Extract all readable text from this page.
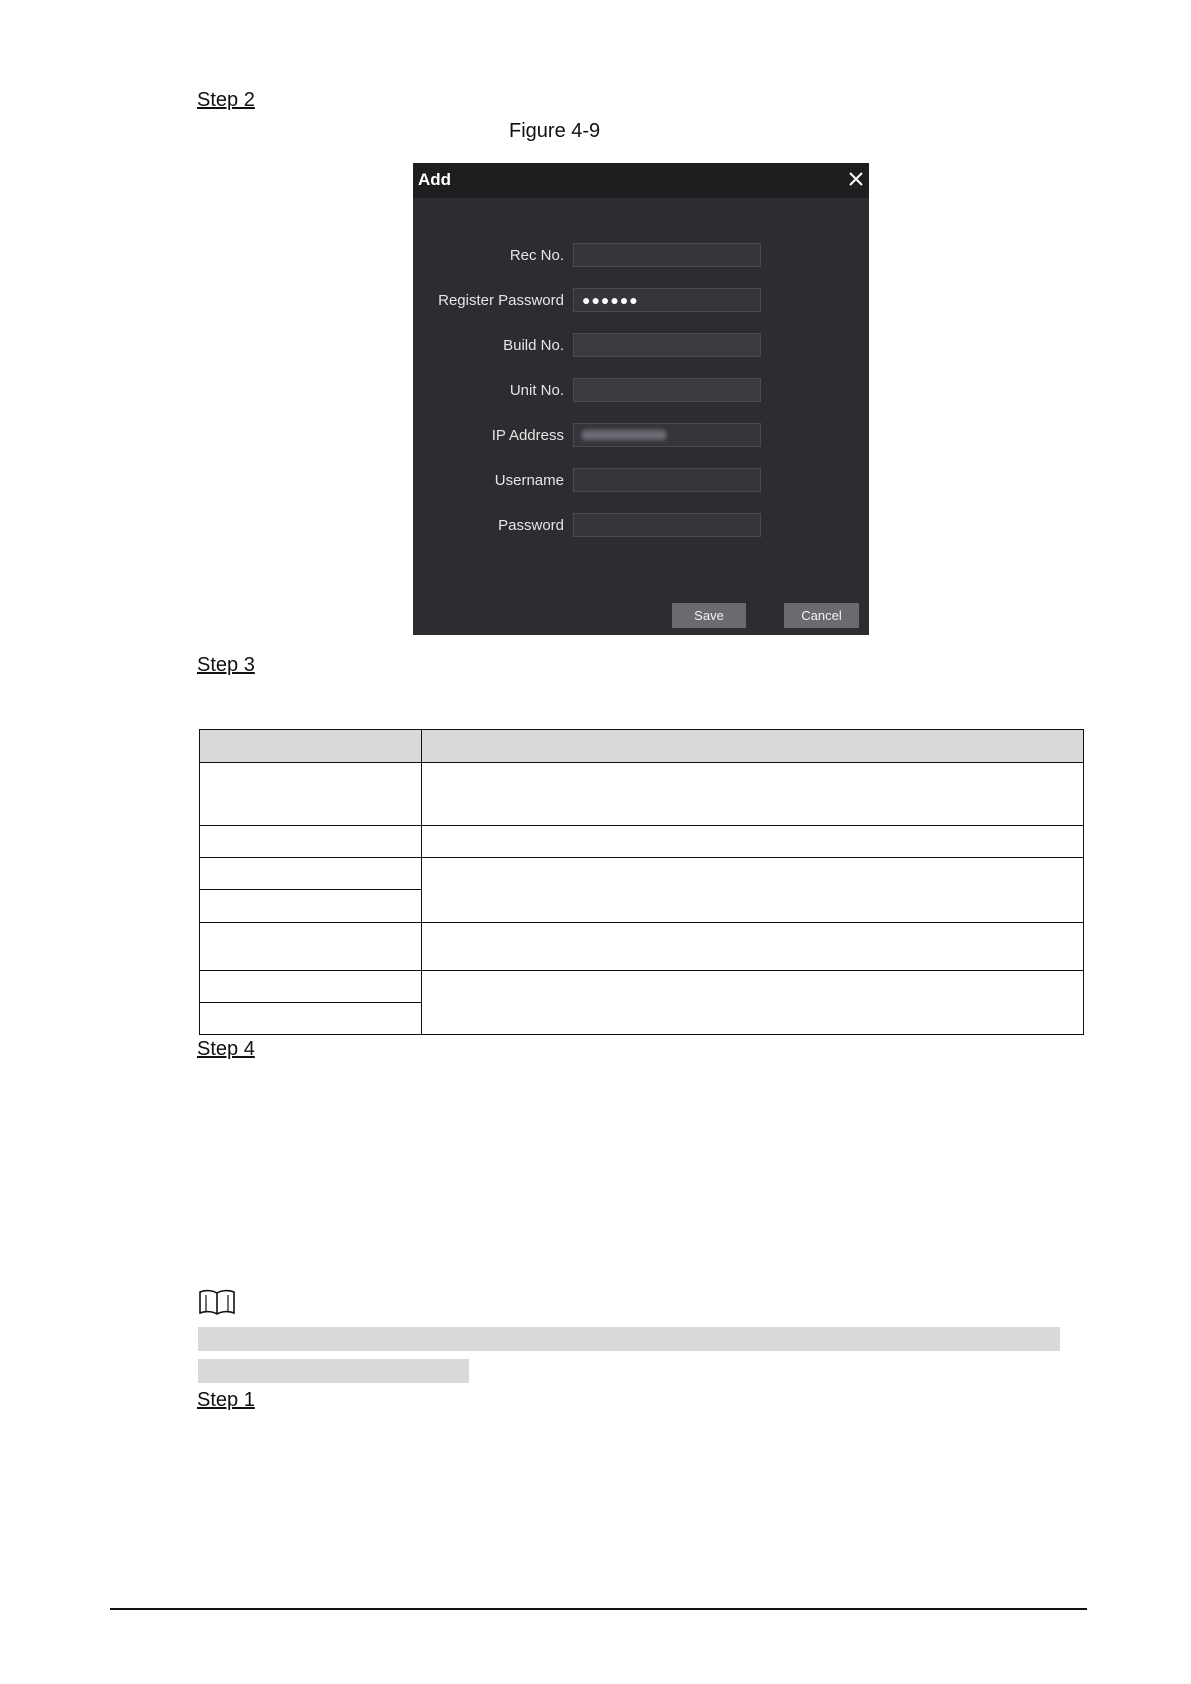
Step 2
Figure 4-9
Add
Rec No.
Register Password	●●●●●●
Build No.
Unit No.
IP Address
Username
Password
Save	Cancel
Step 3

Step 4
Step 1
